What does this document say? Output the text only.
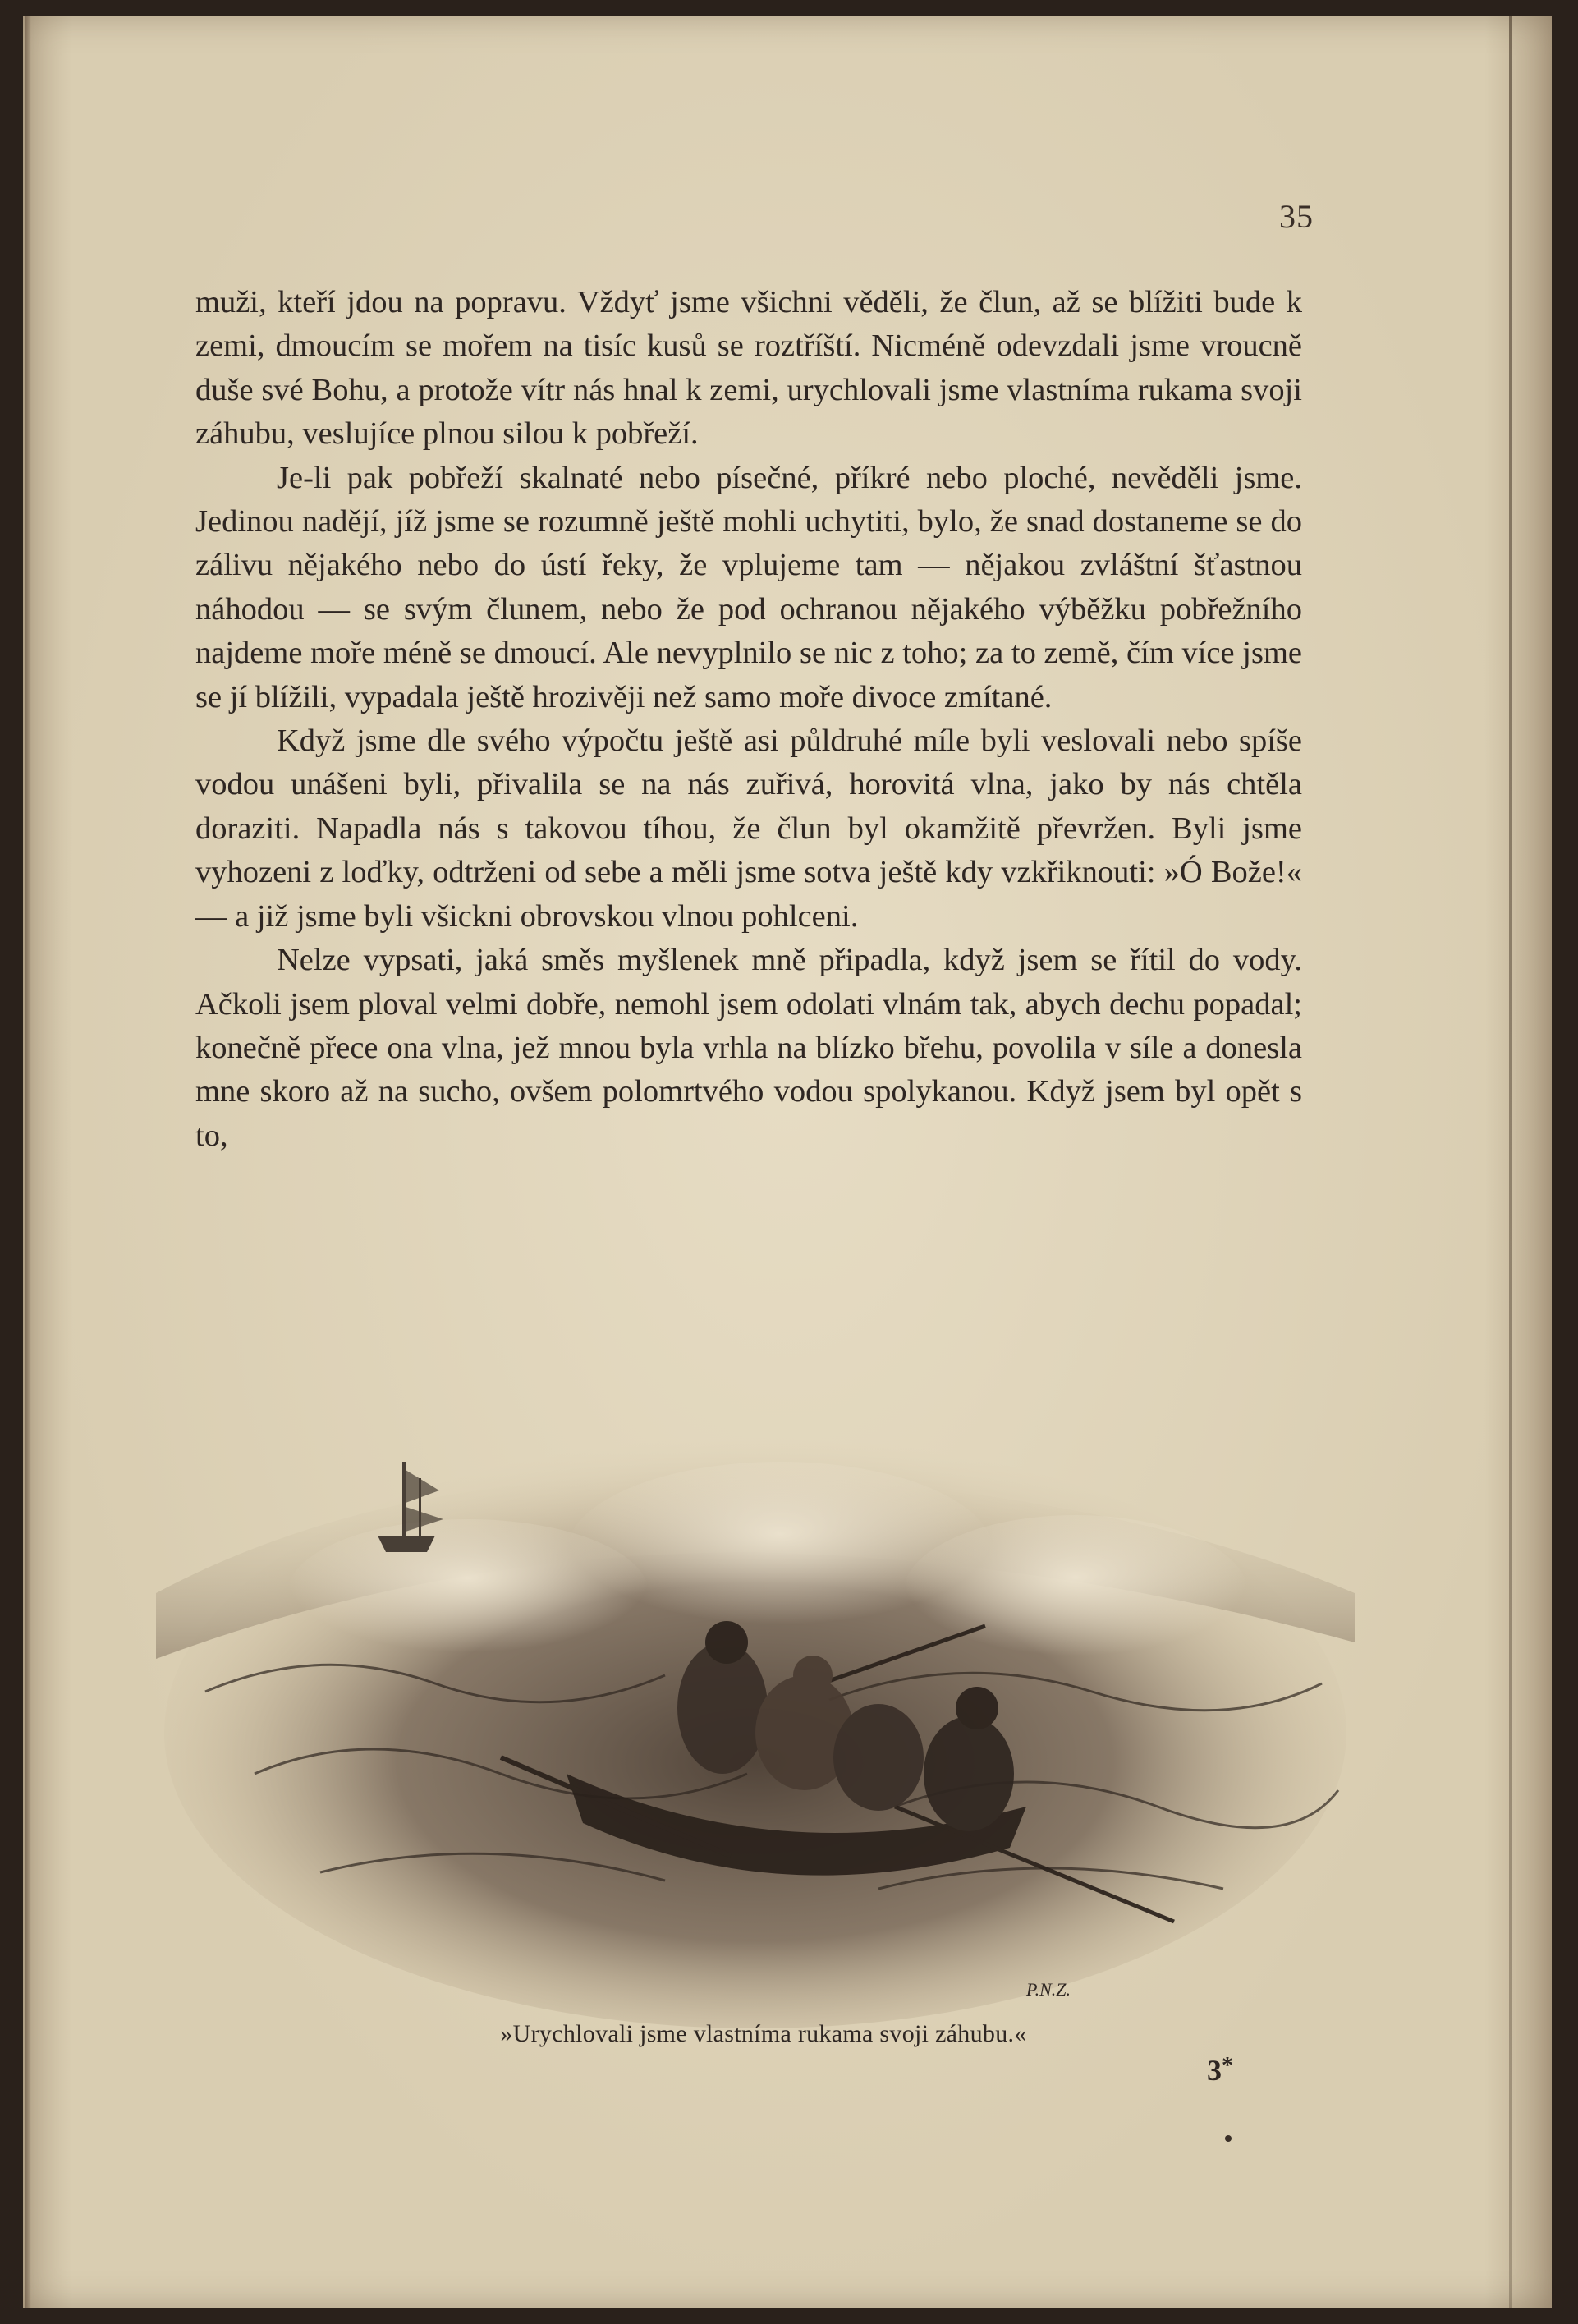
35

muži, kteří jdou na popravu. Vždyť jsme všichni věděli, že člun, až se blížiti bude k zemi, dmoucím se mořem na tisíc kusů se roztříští. Nicméně odevzdali jsme vroucně duše své Bohu, a protože vítr nás hnal k zemi, urychlovali jsme vlastníma rukama svoji záhubu, veslujíce plnou silou k pobřeží.

Je-li pak pobřeží skalnaté nebo písečné, příkré nebo ploché, nevěděli jsme. Jedinou nadějí, jíž jsme se rozumně ještě mohli uchytiti, bylo, že snad dostaneme se do zálivu nějakého nebo do ústí řeky, že vplujeme tam — nějakou zvláštní šťastnou náhodou — se svým člunem, nebo že pod ochranou nějakého výběžku pobřežního najdeme moře méně se dmoucí. Ale nevyplnilo se nic z toho; za to země, čím více jsme se jí blížili, vypadala ještě hrozivěji než samo moře divoce zmítané.

Když jsme dle svého výpočtu ještě asi půldruhé míle byli veslovali nebo spíše vodou unášeni byli, přivalila se na nás zuřivá, horovitá vlna, jako by nás chtěla doraziti. Napadla nás s takovou tíhou, že člun byl okamžitě převržen. Byli jsme vyhozeni z loďky, odtrženi od sebe a měli jsme sotva ještě kdy vzkřiknouti: »Ó Bože!« — a již jsme byli všickni obrovskou vlnou pohlceni.

Nelze vypsati, jaká směs myšlenek mně připadla, když jsem se řítil do vody. Ačkoli jsem ploval velmi dobře, nemohl jsem odolati vlnám tak, abych dechu popadal; konečně přece ona vlna, jež mnou byla vrhla na blízko břehu, povolila v síle a donesla mne skoro až na sucho, ovšem polomrtvého vodou spolykanou. Když jsem byl opět s to,

P.N.Z.
»Urychlovali jsme vlastníma rukama svoji záhubu.«
3*
